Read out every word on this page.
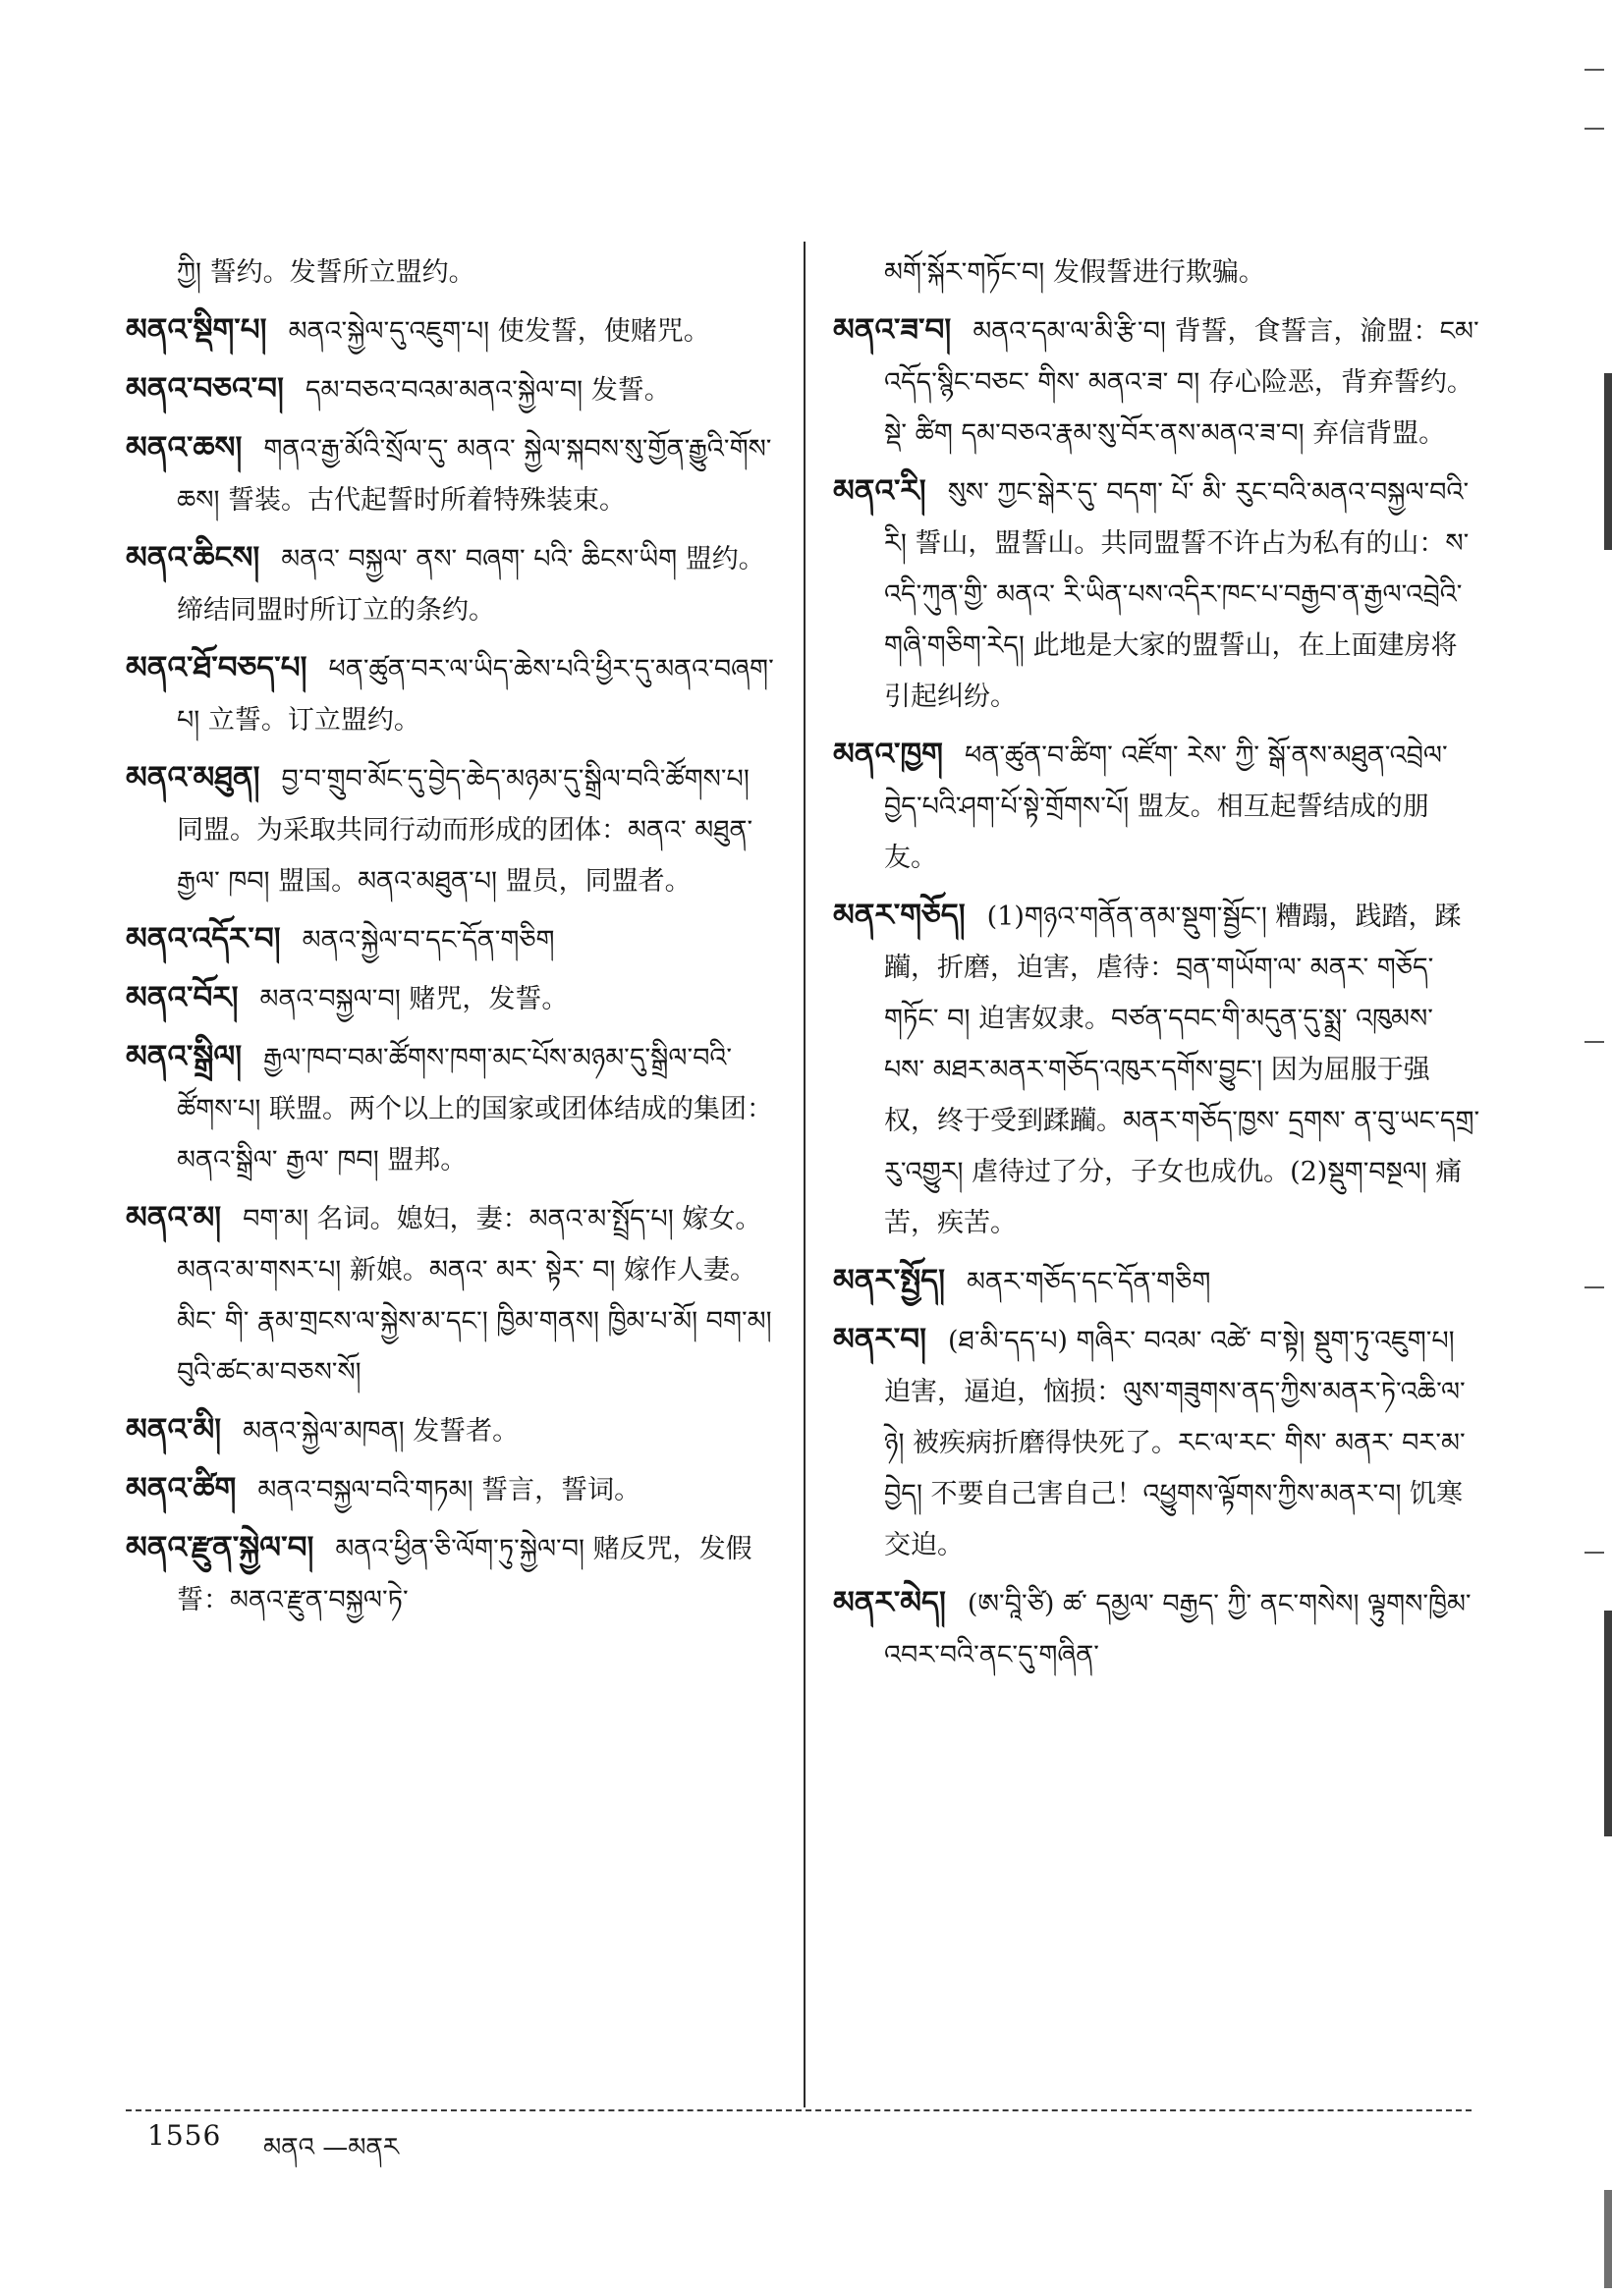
ཀྱི། 誓约。发誓所立盟约。

མནའ་སྡིག་པ། མནའ་སྐྱེལ་དུ་འཇུག་པ། 使发誓，使赌咒。

མནའ་བཅའ་བ། དམ་བཅའ་བའམ་མནའ་སྐྱེལ་བ། 发誓。

མནའ་ཆས། གནའ་རྒྱ་མོའི་སྲོལ་དུ་ མནའ་ སྐྱེལ་སྐབས་སུ་གྱོན་རྒྱུའི་གོས་ཆས། 誓装。古代起誓时所着特殊装束。

མནའ་ཆིངས། མནའ་ བསྐྱལ་ ནས་ བཞག་ པའི་ ཆིངས་ཡིག 盟约。缔结同盟时所订立的条约。

མནའ་ཐོ་བཅད་པ། ཕན་ཚུན་བར་ལ་ཡིད་ཆེས་པའི་ཕྱིར་དུ་མནའ་བཞག་པ། 立誓。订立盟约。

མནའ་མཐུན། བྱ་བ་གྲུབ་མོང་དུ་བྱེད་ཆེད་མཉམ་དུ་སྒྲིལ་བའི་ཚོགས་པ། 同盟。为采取共同行动而形成的团体：མནའ་ མཐུན་ རྒྱལ་ ཁབ། 盟国。མནའ་མཐུན་པ། 盟员，同盟者。

མནའ་འདོར་བ། མནའ་སྐྱེལ་བ་དང་དོན་གཅིག

མནའ་བོར། མནའ་བསྐྱལ་བ། 赌咒，发誓。

མནའ་སྒྲིལ། རྒྱལ་ཁབ་བམ་ཚོགས་ཁག་མང་པོས་མཉམ་དུ་སྒྲིལ་བའི་ཚོགས་པ། 联盟。两个以上的国家或团体结成的集团：མནའ་སྒྲིལ་ རྒྱལ་ ཁབ། 盟邦。

མནའ་མ། བག་མ། 名词。媳妇，妻：མནའ་མ་སྤྲོད་པ། 嫁女。མནའ་མ་གསར་པ། 新娘。མནའ་ མར་ སྟེར་ བ། 嫁作人妻。མིང་ གི་ རྣམ་གྲངས་ལ་སྐྱེས་མ་དང་། ཁྱིམ་གནས། ཁྱིམ་པ་མོ། བག་མ། བུའི་ཚང་མ་བཅས་སོ།

མནའ་མི། མནའ་སྐྱེལ་མཁན། 发誓者。

མནའ་ཚིག མནའ་བསྐྱལ་བའི་གཏམ། 誓言，誓词。

མནའ་རྫུན་སྐྱེལ་བ། མནའ་ཕྱིན་ཅི་ལོག་ཏུ་སྐྱེལ་བ། 赌反咒，发假誓：མནའ་རྫུན་བསྐྱལ་ཏེ་

མགོ་སྐོར་གཏོང་བ། 发假誓进行欺骗。

མནའ་ཟ་བ། མནའ་དམ་ལ་མི་རྩི་བ། 背誓，食誓言，渝盟：ངམ་འདོད་སྙིང་བཅང་ གིས་ མནའ་ཟ་ བ། 存心险恶，背弃誓约。སྡེ་ ཚིག དམ་བཅའ་རྣམ་སུ་བོར་ནས་མནའ་ཟ་བ། 弃信背盟。

མནའ་རི། སུས་ ཀྱང་སྒེར་དུ་ བདག་ པོ་ མི་ རུང་བའི་མནའ་བསྐྱལ་བའི་རི། 誓山，盟誓山。共同盟誓不许占为私有的山：ས་འདི་ཀུན་གྱི་ མནའ་ རི་ཡིན་པས་འདིར་ཁང་པ་བརྒྱབ་ན་རྒྱལ་འབྲེའི་གཞི་གཅིག་རེད། 此地是大家的盟誓山，在上面建房将引起纠纷。

མནའ་ཁྱག ཕན་ཚུན་བ་ཚིག་ འཛོག་ རེས་ ཀྱི་ སྒོ་ནས་མཐུན་འབྲེལ་བྱེད་པའི་ཤག་པོ་སྟེ་གྲོགས་པོ། 盟友。相互起誓结成的朋友。

མནར་གཅོད། (1)གཉའ་གནོན་ནམ་སྡུག་སྦྱོང་། 糟蹋，践踏，蹂躏，折磨，迫害，虐待：བྲན་གཡོག་ལ་ མནར་ གཅོད་ གཏོང་ བ། 迫害奴隶。བཙན་དབང་གི་མདུན་དུ་སྨྲ་ འཁུམས་ པས་ མཐར་མནར་གཅོད་འཁུར་དགོས་བྱུང་། 因为屈服于强权，终于受到蹂躏。མནར་གཅོད་ཁྱས་ དྲགས་ ན་བུ་ཡང་དགྲ་རུ་འགྱུར། 虐待过了分，子女也成仇。(2)སྡུག་བསྔལ། 痛苦，疾苦。

མནར་སྤྱོད། མནར་གཅོད་དང་དོན་གཅིག

མནར་བ། (ཐ་མི་དད་པ) གཞིར་ བའམ་ འཚེ་ བ་སྟེ། སྡུག་ཏུ་འཇུག་པ། 迫害，逼迫，恼损：ལུས་གཟུགས་ནད་ཀྱིས་མནར་ཏེ་འཆི་ལ་ཉེ། 被疾病折磨得快死了。རང་ལ་རང་ གིས་ མནར་ བར་མ་བྱེད། 不要自己害自己！འཕྱུགས་ལྟོགས་ཀྱིས་མནར་བ། 饥寒交迫。

མནར་མེད། (ཨ་བཱི་ཙི) ཚ་ དམྱལ་ བརྒྱད་ ཀྱི་ ནང་གསེས། ལྟུགས་ཁྱིམ་འབར་བའི་ནང་དུ་གཞིན་

1556 མནའ —མནར
